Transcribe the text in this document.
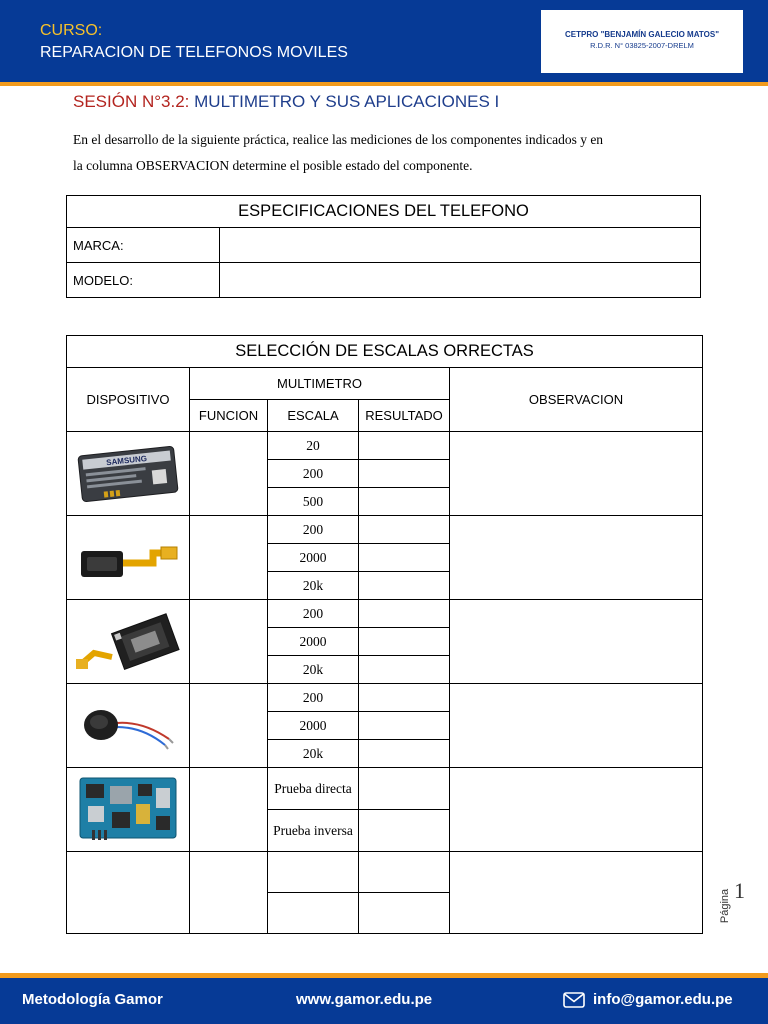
CURSO:
REPARACION DE TELEFONOS MOVILES
CETPRO "BENJAMÍN GALECIO MATOS"
R.D.R. N° 03825-2007-DRELM
SESIÓN N°3.2: MULTIMETRO Y SUS APLICACIONES I
En el desarrollo de la siguiente práctica, realice las mediciones de los componentes indicados y en
la columna OBSERVACION determine el posible estado del componente.
ESPECIFICACIONES DEL TELEFONO	
MARCA:	
MODELO:	
SELECCIÓN DE ESCALAS ORRECTAS				
DISPOSITIVO	MULTIMETRO			OBSERVACION
	FUNCION	ESCALA	RESULTADO	

SAMSUNG		20		
		200		
		500		

		200		
		2000		
		20k		

		200		
		2000		
		20k		

		200		
		2000		
		20k		

		Prueba directa		
		Prueba inversa		

Página 1
Metodología Gamor	www.gamor.edu.pe	info@gamor.edu.pe
